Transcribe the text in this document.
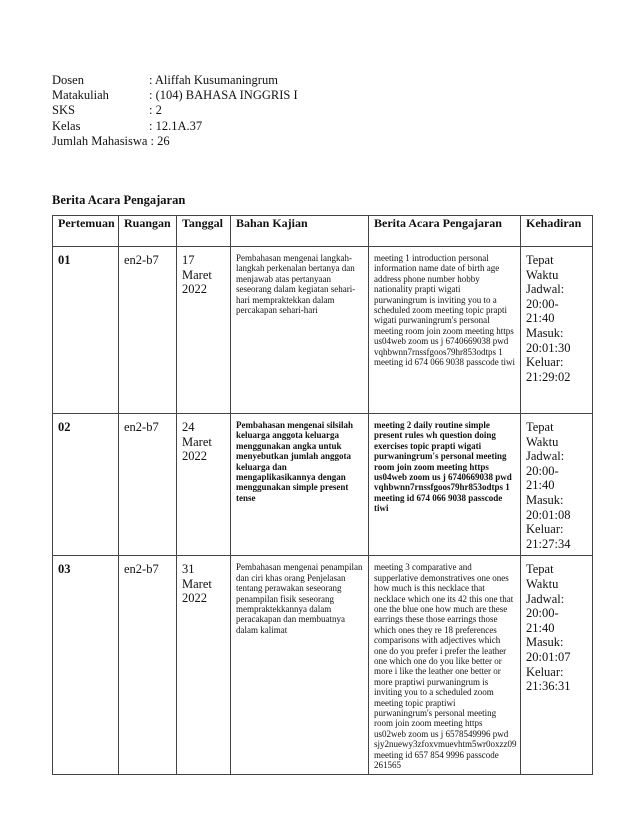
Dosen	: Aliffah Kusumaningrum
Matakuliah	: (104) BAHASA INGGRIS I
SKS	: 2
Kelas	: 12.1A.37
Jumlah Mahasiswa : 26
Berita Acara Pengajaran
Pertemuan	Ruangan	Tanggal	Bahan Kajian	Berita Acara Pengajaran	Kehadiran
01	en2-b7	17 Maret 2022	Pembahasan mengenai langkah-langkah perkenalan bertanya dan menjawab atas pertanyaan seseorang dalam kegiatan sehari-hari mempraktekkan dalam percakapan sehari-hari	meeting 1 introduction personal information name date of birth age address phone number hobby nationality prapti wigati purwaningrum is inviting you to a scheduled zoom meeting topic prapti wigati purwaningrum's personal meeting room join zoom meeting https us04web zoom us j 6740669038 pwd vqhbwnn7rnssfgoos79hr853odtps 1 meeting id 674 066 9038 passcode tiwi	Tepat Waktu Jadwal: 20:00-21:40 Masuk: 20:01:30 Keluar: 21:29:02
02	en2-b7	24 Maret 2022	Pembahasan mengenai silsilah keluarga anggota keluarga menggunakan angka untuk menyebutkan jumlah anggota keluarga dan mengaplikasikannya dengan menggunakan simple present tense	meeting 2 daily routine simple present rules wh question doing exercises topic prapti wigati purwaningrum's personal meeting room join zoom meeting https us04web zoom us j 6740669038 pwd vqhbwnn7rnssfgoos79hr853odtps 1 meeting id 674 066 9038 passcode tiwi	Tepat Waktu Jadwal: 20:00-21:40 Masuk: 20:01:08 Keluar: 21:27:34
03	en2-b7	31 Maret 2022	Pembahasan mengenai penampilan dan ciri khas orang Penjelasan tentang perawakan seseorang penampilan fisik seseorang mempraktekkannya dalam peracakapan dan membuatnya dalam kalimat	meeting 3 comparative and supperlative demonstratives one ones how much is this necklace that necklace which one its 42 this one that one the blue one how much are these earrings these those earrings those which ones they re 18 preferences comparisons with adjectives which one do you prefer i prefer the leather one which one do you like better or more i like the leather one better or more praptiwi purwaningrum is inviting you to a scheduled zoom meeting topic praptiwi purwaningrum's personal meeting room join zoom meeting https us02web zoom us j 6578549996 pwd sjy2nuewy3zfoxvmuevhtm5wr0oxzz09 meeting id 657 854 9996 passcode 261565	Tepat Waktu Jadwal: 20:00-21:40 Masuk: 20:01:07 Keluar: 21:36:31
